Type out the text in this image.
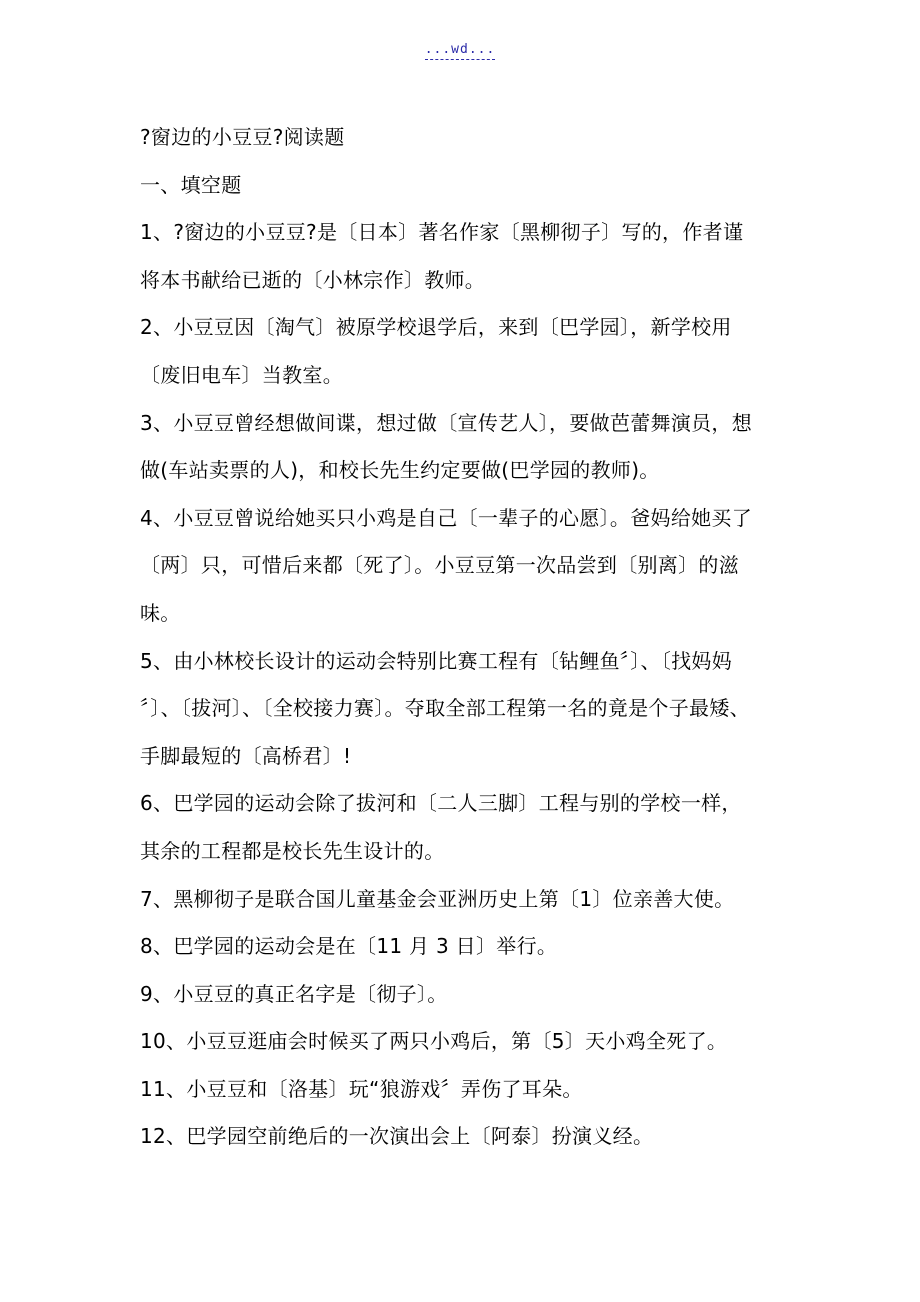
...wd...
?窗边的小豆豆?阅读题
一、填空题
1、?窗边的小豆豆?是〔日本〕著名作家〔黑柳彻子〕写的，作者谨
将本书献给已逝的〔小林宗作〕教师。
2、小豆豆因〔淘气〕被原学校退学后，来到〔巴学园〕，新学校用
〔废旧电车〕当教室。
3、小豆豆曾经想做间谍，想过做〔宣传艺人〕，要做芭蕾舞演员，想
做(车站卖票的人)，和校长先生约定要做(巴学园的教师)。
4、小豆豆曾说给她买只小鸡是自己〔一辈子的心愿〕。爸妈给她买了
〔两〕只，可惜后来都〔死了〕。小豆豆第一次品尝到〔别离〕的滋
味。
5、由小林校长设计的运动会特别比赛工程有〔钻鲤鱼〞〕、〔找妈妈
〞〕、〔拔河〕、〔全校接力赛〕。夺取全部工程第一名的竟是个子最矮、
手脚最短的〔高桥君〕!
6、巴学园的运动会除了拔河和〔二人三脚〕工程与别的学校一样，
其余的工程都是校长先生设计的。
7、黑柳彻子是联合国儿童基金会亚洲历史上第〔1〕位亲善大使。
8、巴学园的运动会是在〔11 月 3 日〕举行。
9、小豆豆的真正名字是〔彻子〕。
10、小豆豆逛庙会时候买了两只小鸡后，第〔5〕天小鸡全死了。
11、小豆豆和〔洛基〕玩“狼游戏〞弄伤了耳朵。
12、巴学园空前绝后的一次演出会上〔阿泰〕扮演义经。
